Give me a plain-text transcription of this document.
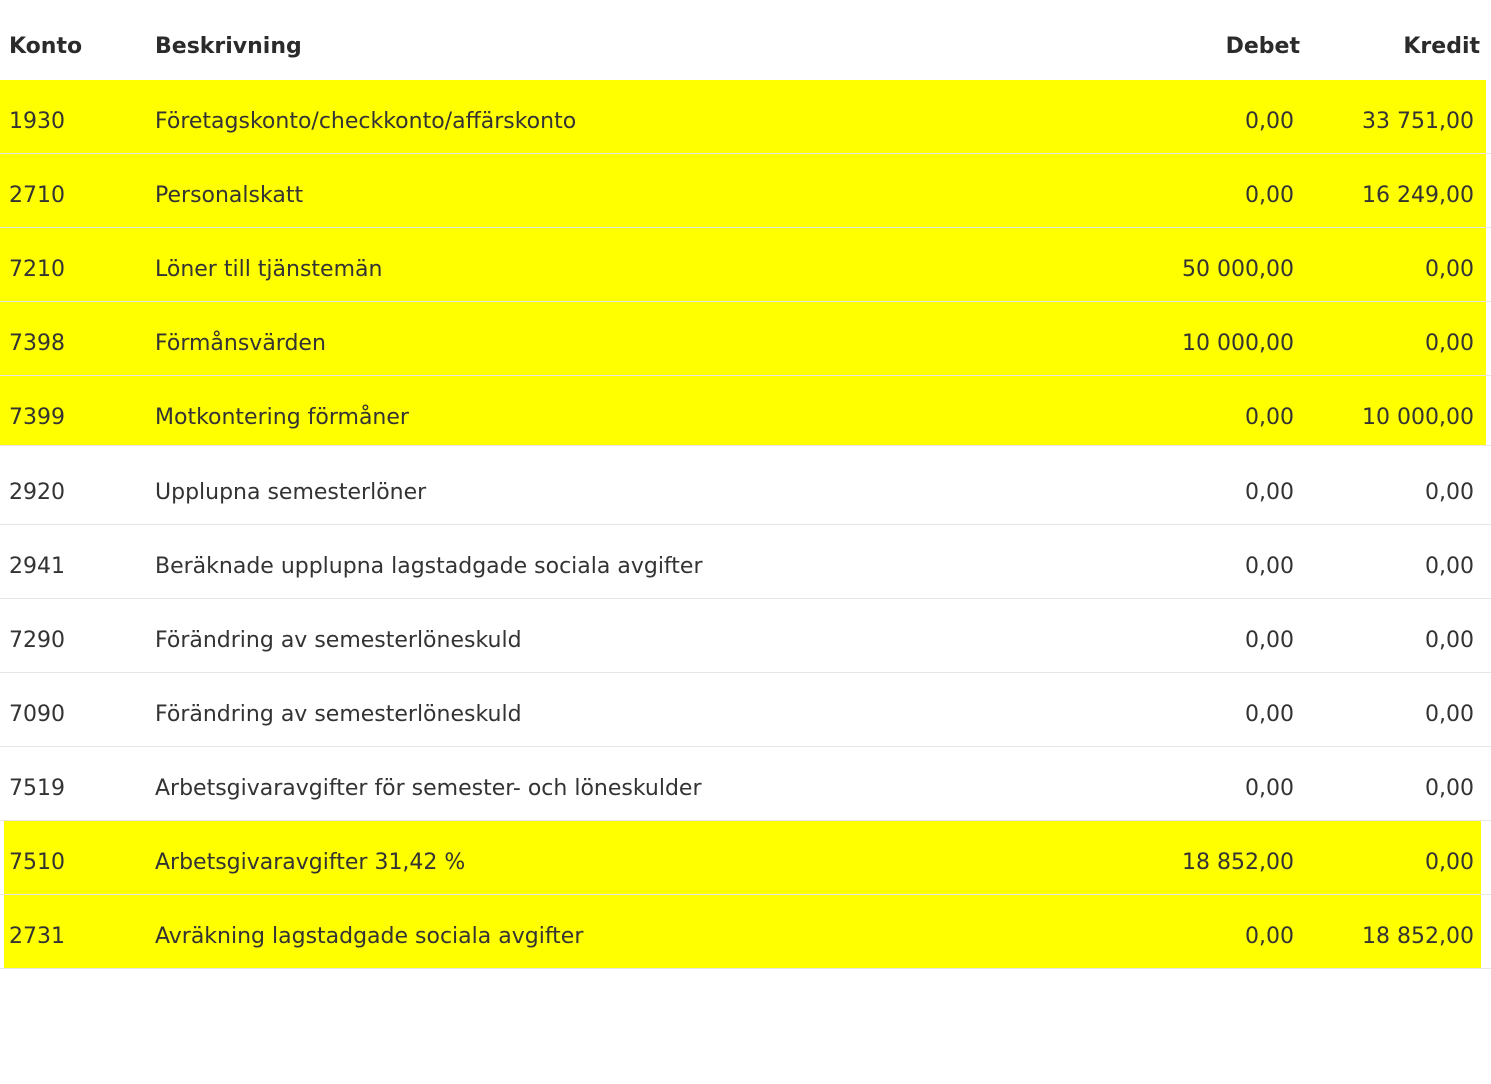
Konto	Beskrivning	Debet	Kredit
1930	Företagskonto/checkkonto/affärskonto	0,00	33 751,00
2710	Personalskatt	0,00	16 249,00
7210	Löner till tjänstemän	50 000,00	0,00
7398	Förmånsvärden	10 000,00	0,00
7399	Motkontering förmåner	0,00	10 000,00
2920	Upplupna semesterlöner	0,00	0,00
2941	Beräknade upplupna lagstadgade sociala avgifter	0,00	0,00
7290	Förändring av semesterlöneskuld	0,00	0,00
7090	Förändring av semesterlöneskuld	0,00	0,00
7519	Arbetsgivaravgifter för semester- och löneskulder	0,00	0,00
7510	Arbetsgivaravgifter 31,42 %	18 852,00	0,00
2731	Avräkning lagstadgade sociala avgifter	0,00	18 852,00
